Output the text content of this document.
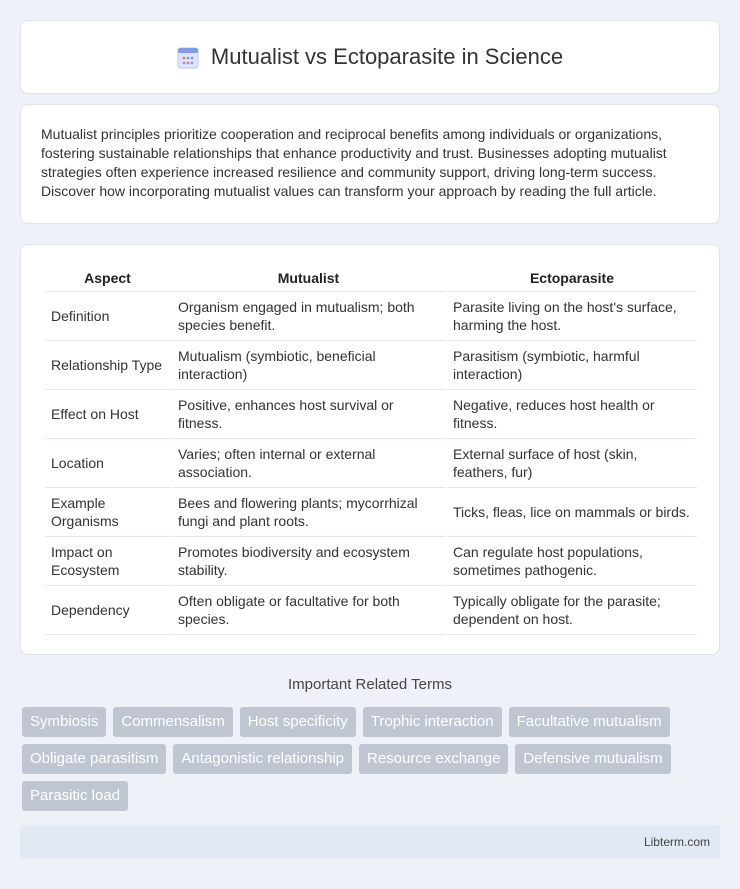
Mutualist vs Ectoparasite in Science

Mutualist principles prioritize cooperation and reciprocal benefits among individuals or organizations, fostering sustainable relationships that enhance productivity and trust. Businesses adopting mutualist strategies often experience increased resilience and community support, driving long-term success. Discover how incorporating mutualist values can transform your approach by reading the full article.

Aspect	Mutualist	Ectoparasite
Definition	Organism engaged in mutualism; both species benefit.	Parasite living on the host's surface, harming the host.
Relationship Type	Mutualism (symbiotic, beneficial interaction)	Parasitism (symbiotic, harmful interaction)
Effect on Host	Positive, enhances host survival or fitness.	Negative, reduces host health or fitness.
Location	Varies; often internal or external association.	External surface of host (skin, feathers, fur)
Example Organisms	Bees and flowering plants; mycorrhizal fungi and plant roots.	Ticks, fleas, lice on mammals or birds.
Impact on Ecosystem	Promotes biodiversity and ecosystem stability.	Can regulate host populations, sometimes pathogenic.
Dependency	Often obligate or facultative for both species.	Typically obligate for the parasite; dependent on host.
Important Related Terms
Symbiosis	Commensalism	Host specificity	Trophic interaction	Facultative mutualism
Obligate parasitism	Antagonistic relationship	Resource exchange	Defensive mutualism
Parasitic load
Libterm.com
